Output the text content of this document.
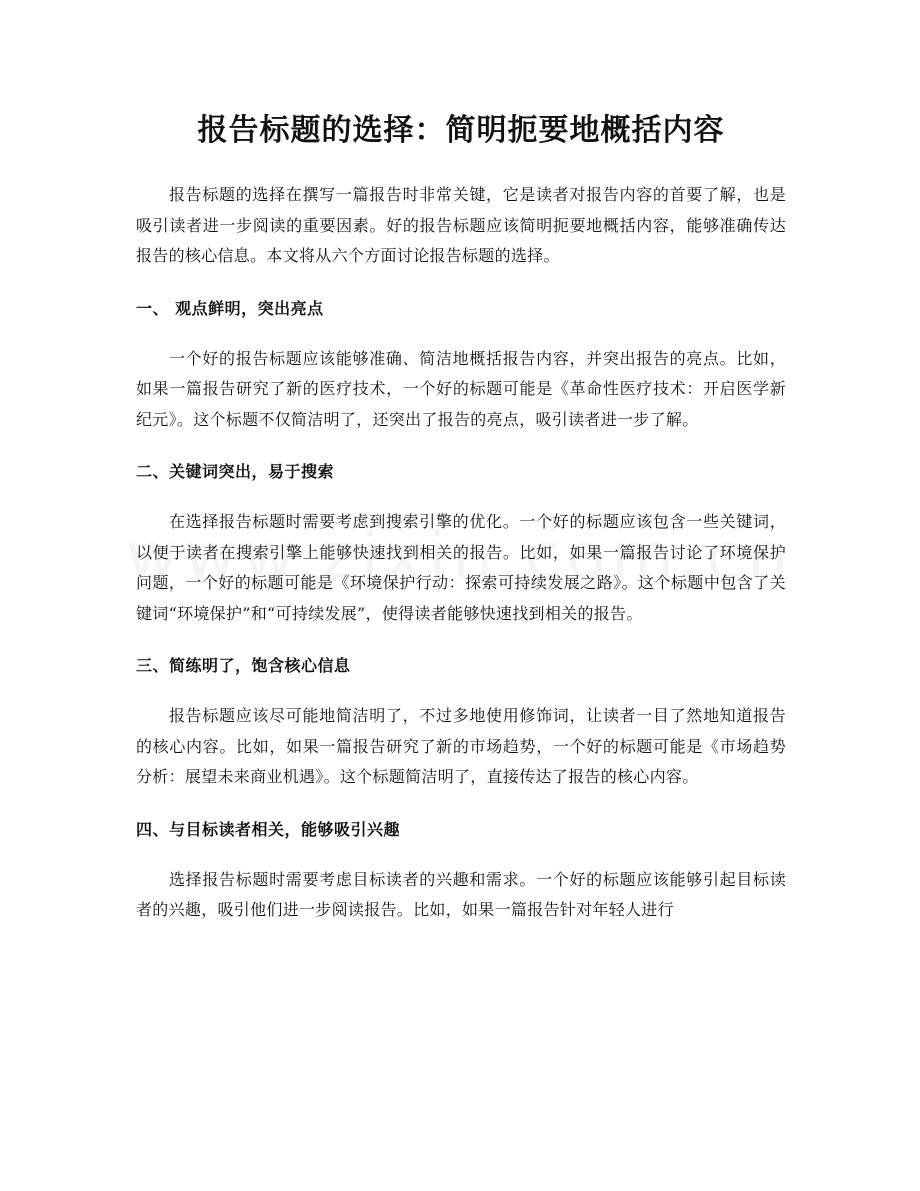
报告标题的选择：简明扼要地概括内容

报告标题的选择在撰写一篇报告时非常关键，它是读者对报告内容的首要了解，也是吸引读者进一步阅读的重要因素。好的报告标题应该简明扼要地概括内容，能够准确传达报告的核心信息。本文将从六个方面讨论报告标题的选择。

一、 观点鲜明，突出亮点

一个好的报告标题应该能够准确、简洁地概括报告内容，并突出报告的亮点。比如，如果一篇报告研究了新的医疗技术，一个好的标题可能是《革命性医疗技术：开启医学新纪元》。这个标题不仅简洁明了，还突出了报告的亮点，吸引读者进一步了解。

二、关键词突出，易于搜索

在选择报告标题时需要考虑到搜索引擎的优化。一个好的标题应该包含一些关键词，以便于读者在搜索引擎上能够快速找到相关的报告。比如，如果一篇报告讨论了环境保护问题，一个好的标题可能是《环境保护行动：探索可持续发展之路》。这个标题中包含了关键词“环境保护”和“可持续发展”，使得读者能够快速找到相关的报告。

三、简练明了，饱含核心信息

报告标题应该尽可能地简洁明了，不过多地使用修饰词，让读者一目了然地知道报告的核心内容。比如，如果一篇报告研究了新的市场趋势，一个好的标题可能是《市场趋势分析：展望未来商业机遇》。这个标题简洁明了，直接传达了报告的核心内容。

四、与目标读者相关，能够吸引兴趣

选择报告标题时需要考虑目标读者的兴趣和需求。一个好的标题应该能够引起目标读者的兴趣，吸引他们进一步阅读报告。比如，如果一篇报告针对年轻人进行
